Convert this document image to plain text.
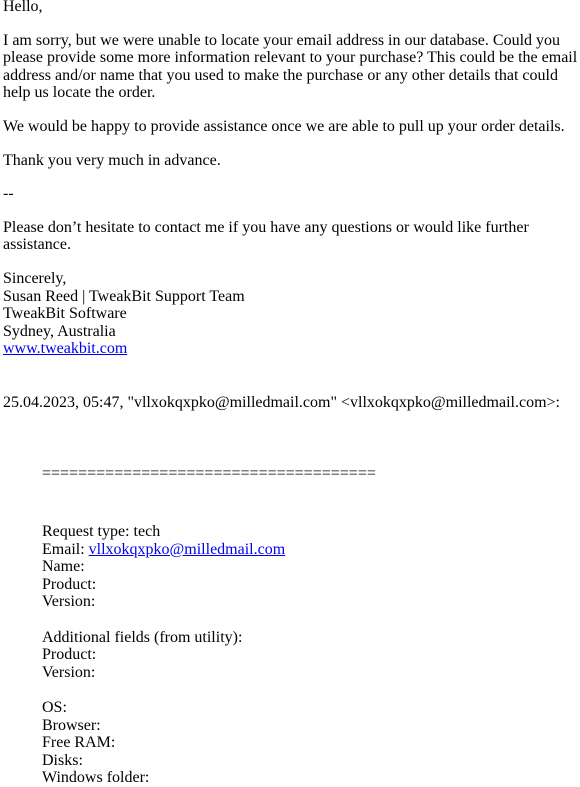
Hello,

I am sorry, but we were unable to locate your email address in our database. Could you please provide some more information relevant to your purchase? This could be the email address and/or name that you used to make the purchase or any other details that could help us locate the order.

We would be happy to provide assistance once we are able to pull up your order details.

Thank you very much in advance.

--

Please don’t hesitate to contact me if you have any questions or would like further assistance.

Sincerely,

Susan Reed | TweakBit Support Team

TweakBit Software

Sydney, Australia

www.tweakbit.com

25.04.2023, 05:47, "vllxokqxpko@milledmail.com" <vllxokqxpko@milledmail.com>:

=====================================

Request type: tech

Email: vllxokqxpko@milledmail.com

Name:

Product:

Version:

Additional fields (from utility):

Product:

Version:

OS:

Browser:

Free RAM:

Disks:

Windows folder:
